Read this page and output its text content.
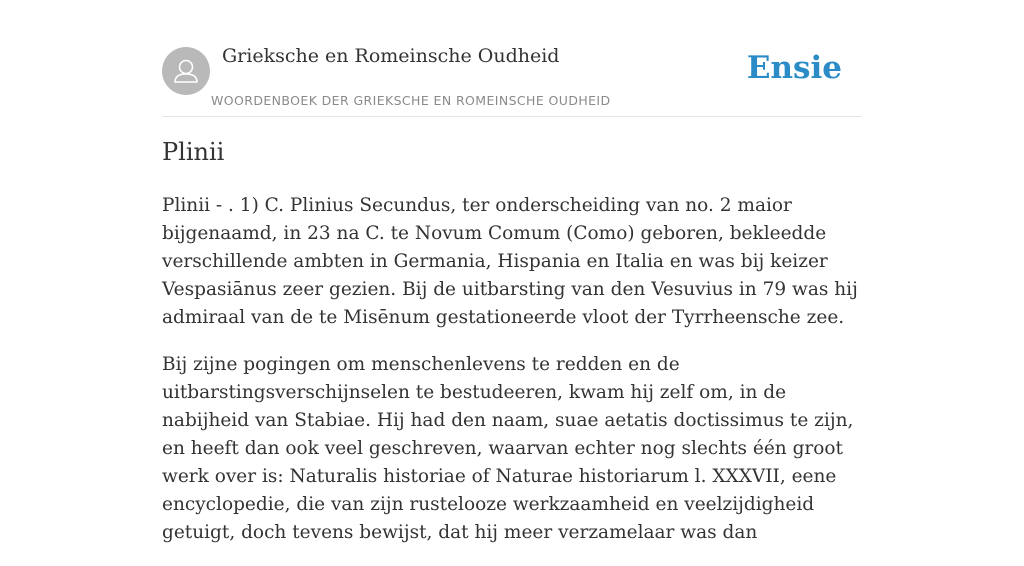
Grieksche en Romeinsche Oudheid
WOORDENBOEK DER GRIEKSCHE EN ROMEINSCHE OUDHEID
Ensie
Plinii

Plinii - . 1) C. Plinius Secundus, ter onderscheiding van no. 2 maior bijgenaamd, in 23 na C. te Novum Comum (Como) geboren, bekleedde verschillende ambten in Germania, Hispania en Italia en was bij keizer Vespasiānus zeer gezien. Bij de uitbarsting van den Vesuvius in 79 was hij admiraal van de te Misēnum gestationeerde vloot der Tyrrheensche zee.

Bij zijne pogingen om menschenlevens te redden en de uitbarstingsverschijnselen te bestudeeren, kwam hij zelf om, in de nabijheid van Stabiae. Hij had den naam, suae aetatis doctissimus te zijn, en heeft dan ook veel geschreven, waarvan echter nog slechts één groot werk over is: Naturalis historiae of Naturae historiarum l. XXXVII, eene encyclopedie, die van zijn rustelooze werkzaamheid en veelzijdigheid getuigt, doch tevens bewijst, dat hij meer verzamelaar was dan
